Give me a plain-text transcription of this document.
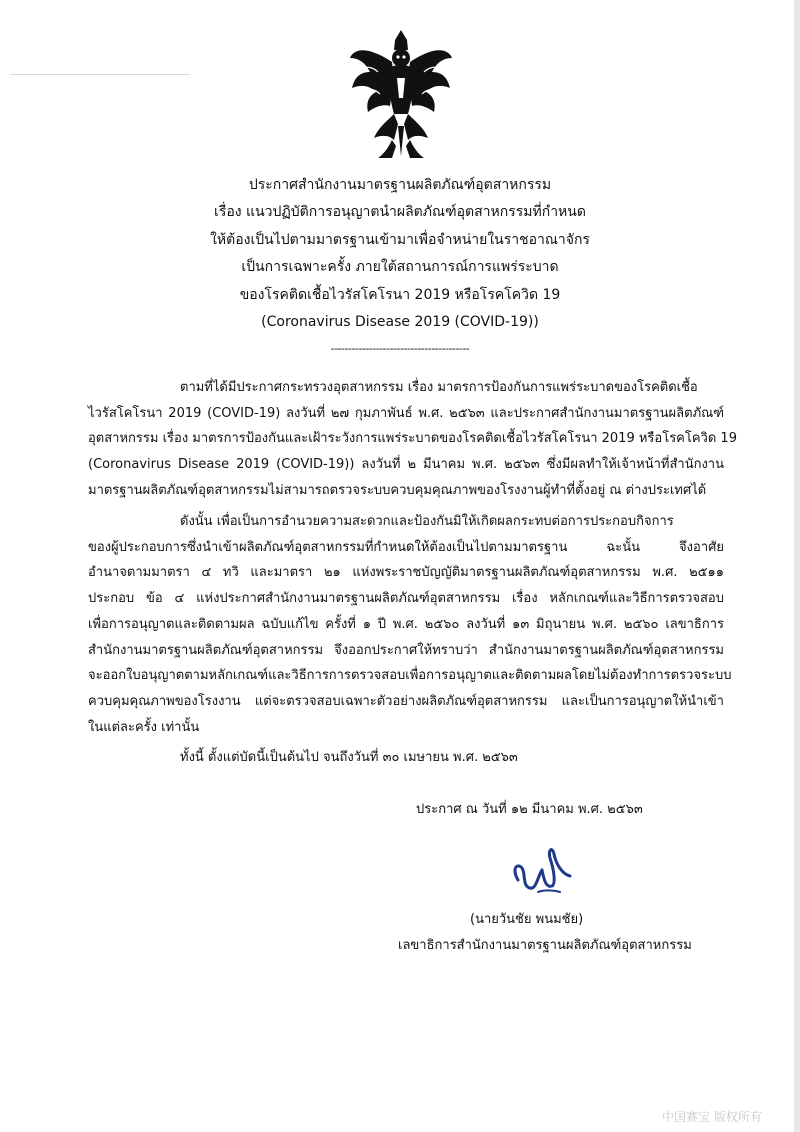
ประกาศสำนักงานมาตรฐานผลิตภัณฑ์อุตสาหกรรม
เรื่อง แนวปฏิบัติการอนุญาตนำผลิตภัณฑ์อุตสาหกรรมที่กำหนด
ให้ต้องเป็นไปตามมาตรฐานเข้ามาเพื่อจำหน่ายในราชอาณาจักร
เป็นการเฉพาะครั้ง ภายใต้สถานการณ์การแพร่ระบาด
ของโรคติดเชื้อไวรัสโคโรนา 2019 หรือโรคโควิด 19
(Coronavirus Disease 2019 (COVID-19))
----------------------------------------
ตามที่ได้มีประกาศกระทรวงอุตสาหกรรม เรื่อง มาตรการป้องกันการแพร่ระบาดของโรคติดเชื้อ
ไวรัสโคโรนา 2019 (COVID-19) ลงวันที่ ๒๗ กุมภาพันธ์ พ.ศ. ๒๕๖๓ และประกาศสำนักงานมาตรฐานผลิตภัณฑ์
อุตสาหกรรม เรื่อง มาตรการป้องกันและเฝ้าระวังการแพร่ระบาดของโรคติดเชื้อไวรัสโคโรนา 2019 หรือโรคโควิด 19
(Coronavirus Disease 2019 (COVID-19)) ลงวันที่ ๒ มีนาคม พ.ศ. ๒๕๖๓ ซึ่งมีผลทำให้เจ้าหน้าที่สำนักงาน
มาตรฐานผลิตภัณฑ์อุตสาหกรรมไม่สามารถตรวจระบบควบคุมคุณภาพของโรงงานผู้ทำที่ตั้งอยู่ ณ ต่างประเทศได้
ดังนั้น เพื่อเป็นการอำนวยความสะดวกและป้องกันมิให้เกิดผลกระทบต่อการประกอบกิจการ
ของผู้ประกอบการซึ่งนำเข้าผลิตภัณฑ์อุตสาหกรรมที่กำหนดให้ต้องเป็นไปตามมาตรฐาน ฉะนั้น จึงอาศัย
อำนาจตามมาตรา ๔ ทวิ และมาตรา ๒๑ แห่งพระราชบัญญัติมาตรฐานผลิตภัณฑ์อุตสาหกรรม พ.ศ. ๒๕๑๑
ประกอบ ข้อ ๔ แห่งประกาศสำนักงานมาตรฐานผลิตภัณฑ์อุตสาหกรรม เรื่อง หลักเกณฑ์และวิธีการตรวจสอบ
เพื่อการอนุญาตและติดตามผล ฉบับแก้ไข ครั้งที่ ๑ ปี พ.ศ. ๒๕๖๐ ลงวันที่ ๑๓ มิถุนายน พ.ศ. ๒๕๖๐ เลขาธิการ
สำนักงานมาตรฐานผลิตภัณฑ์อุตสาหกรรม จึงออกประกาศให้ทราบว่า สำนักงานมาตรฐานผลิตภัณฑ์อุตสาหกรรม
จะออกใบอนุญาตตามหลักเกณฑ์และวิธีการการตรวจสอบเพื่อการอนุญาตและติดตามผลโดยไม่ต้องทำการตรวจระบบ
ควบคุมคุณภาพของโรงงาน แต่จะตรวจสอบเฉพาะตัวอย่างผลิตภัณฑ์อุตสาหกรรม และเป็นการอนุญาตให้นำเข้า
ในแต่ละครั้ง เท่านั้น
ทั้งนี้ ตั้งแต่บัดนี้เป็นต้นไป จนถึงวันที่ ๓๐ เมษายน พ.ศ. ๒๕๖๓
ประกาศ ณ วันที่ ๑๒ มีนาคม พ.ศ. ๒๕๖๓
(นายวันชัย พนมชัย)
เลขาธิการสำนักงานมาตรฐานผลิตภัณฑ์อุตสาหกรรม
中国赛宝 版权所有
